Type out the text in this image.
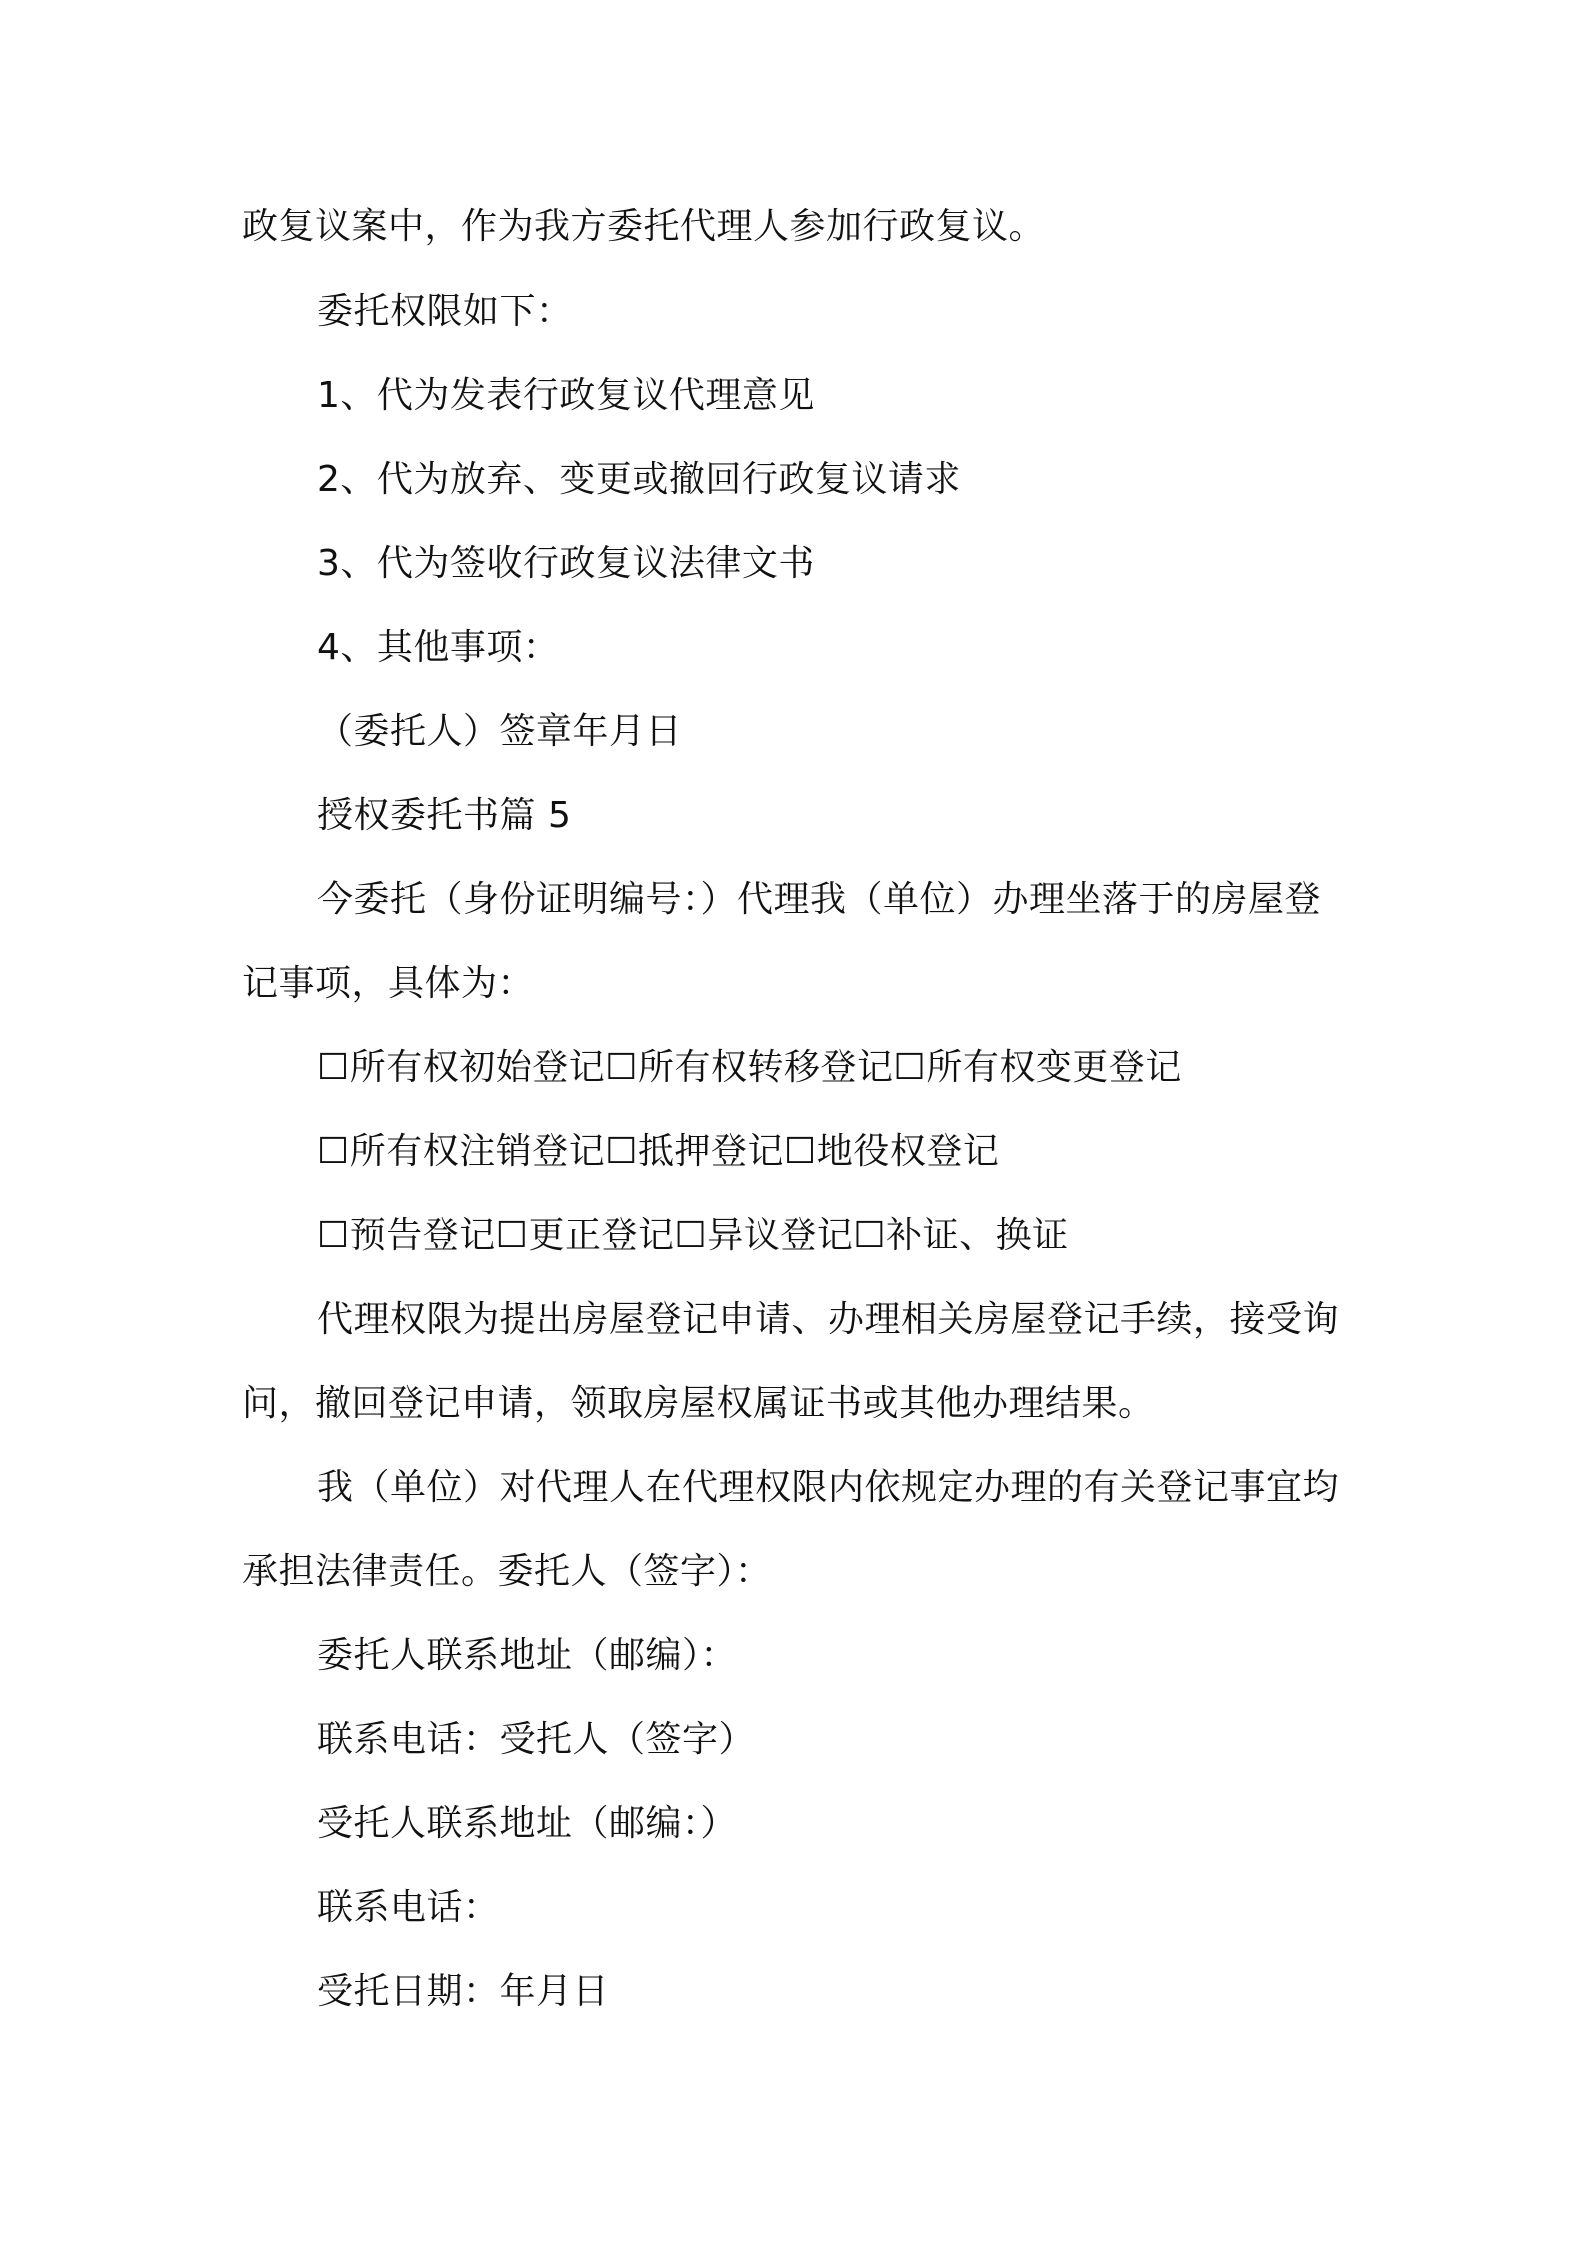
政复议案中，作为我方委托代理人参加行政复议。
委托权限如下：
1、代为发表行政复议代理意见
2、代为放弃、变更或撤回行政复议请求
3、代为签收行政复议法律文书
4、其他事项：
（委托人）签章年月日
授权委托书篇 5
今委托（身份证明编号：）代理我（单位）办理坐落于的房屋登
记事项，具体为：
☐所有权初始登记☐所有权转移登记☐所有权变更登记
☐所有权注销登记☐抵押登记☐地役权登记
☐预告登记☐更正登记☐异议登记☐补证、换证
代理权限为提出房屋登记申请、办理相关房屋登记手续，接受询
问，撤回登记申请，领取房屋权属证书或其他办理结果。
我（单位）对代理人在代理权限内依规定办理的有关登记事宜均
承担法律责任。委托人（签字）：
委托人联系地址（邮编）：
联系电话：受托人（签字）
受托人联系地址（邮编：）
联系电话：
受托日期：年月日
